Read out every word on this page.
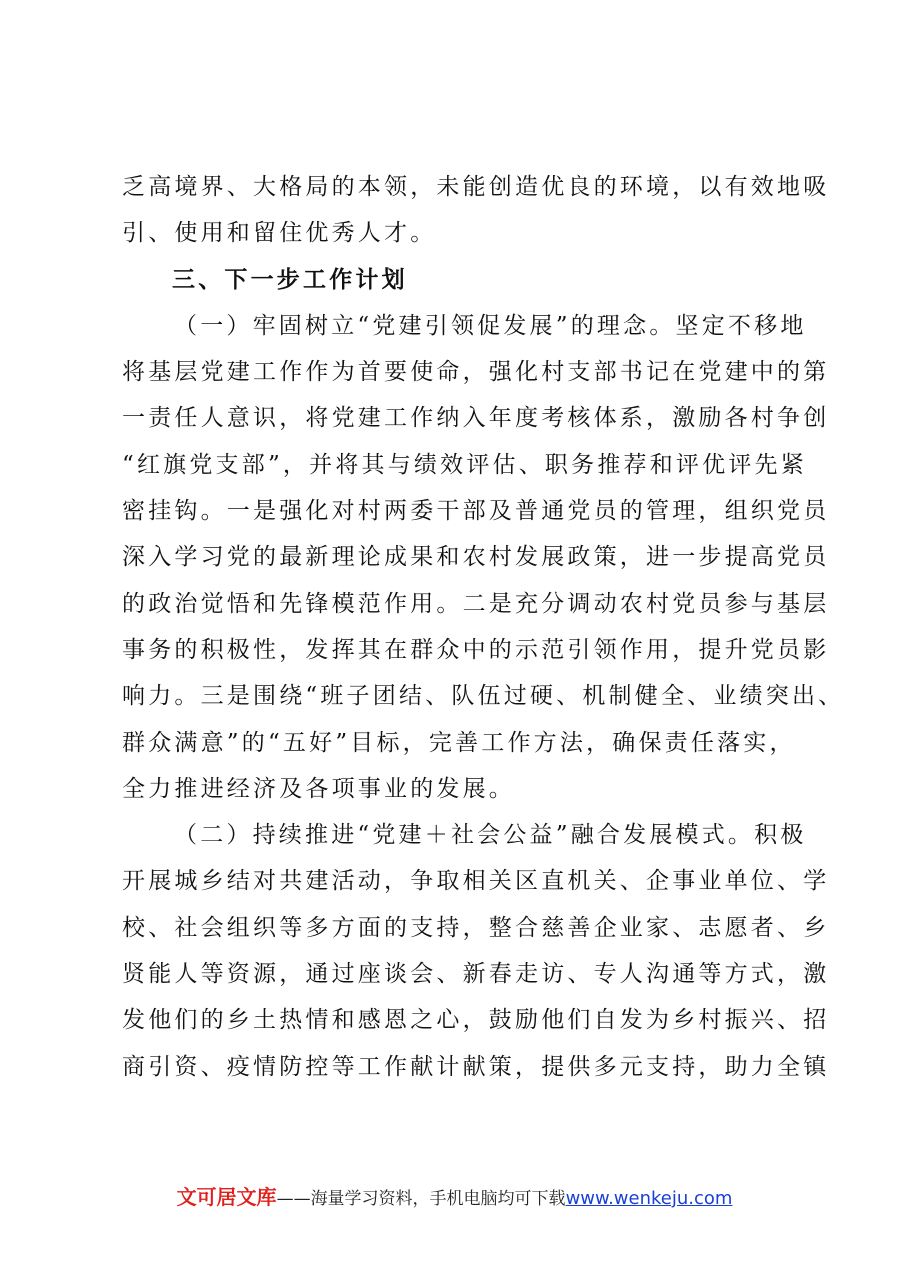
乏高境界、大格局的本领，未能创造优良的环境，以有效地吸
引、使用和留住优秀人才。
三、下一步工作计划
（一）牢固树立“党建引领促发展”的理念。坚定不移地
将基层党建工作作为首要使命，强化村支部书记在党建中的第
一责任人意识，将党建工作纳入年度考核体系，激励各村争创
“红旗党支部”，并将其与绩效评估、职务推荐和评优评先紧
密挂钩。一是强化对村两委干部及普通党员的管理，组织党员
深入学习党的最新理论成果和农村发展政策，进一步提高党员
的政治觉悟和先锋模范作用。二是充分调动农村党员参与基层
事务的积极性，发挥其在群众中的示范引领作用，提升党员影
响力。三是围绕“班子团结、队伍过硬、机制健全、业绩突出、
群众满意”的“五好”目标，完善工作方法，确保责任落实，
全力推进经济及各项事业的发展。
（二）持续推进“党建＋社会公益”融合发展模式。积极
开展城乡结对共建活动，争取相关区直机关、企事业单位、学
校、社会组织等多方面的支持，整合慈善企业家、志愿者、乡
贤能人等资源，通过座谈会、新春走访、专人沟通等方式，激
发他们的乡土热情和感恩之心，鼓励他们自发为乡村振兴、招
商引资、疫情防控等工作献计献策，提供多元支持，助力全镇
文可居文库——海量学习资料，手机电脑均可下载www.wenkeju.com
